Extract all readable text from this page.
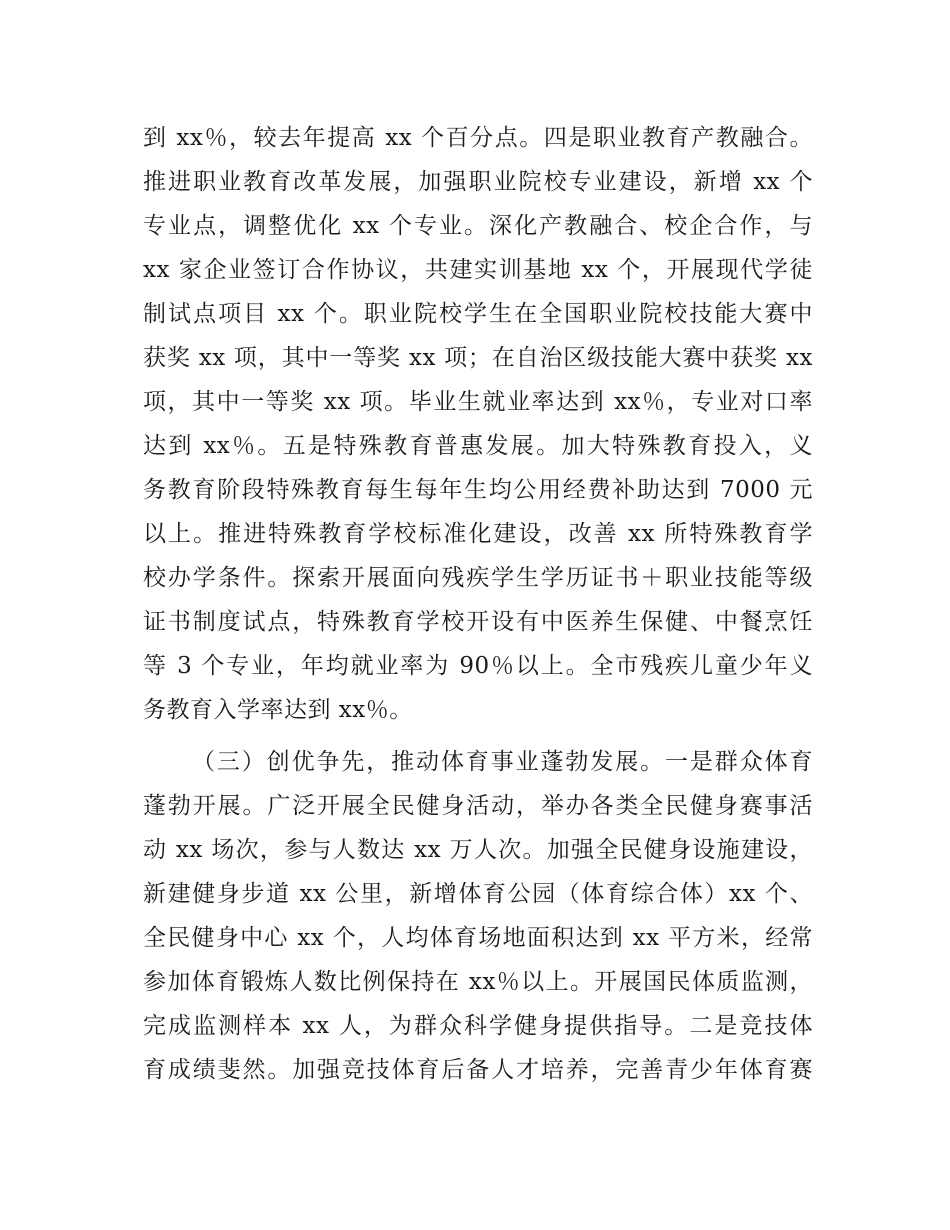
到 xx％，较去年提高 xx 个百分点。四是职业教育产教融合。
推进职业教育改革发展，加强职业院校专业建设，新增 xx 个
专业点，调整优化 xx 个专业。深化产教融合、校企合作，与
xx 家企业签订合作协议，共建实训基地 xx 个，开展现代学徒
制试点项目 xx 个。职业院校学生在全国职业院校技能大赛中
获奖 xx 项，其中一等奖 xx 项；在自治区级技能大赛中获奖 xx
项，其中一等奖 xx 项。毕业生就业率达到 xx％，专业对口率
达到 xx％。五是特殊教育普惠发展。加大特殊教育投入，义
务教育阶段特殊教育每生每年生均公用经费补助达到 7000 元
以上。推进特殊教育学校标准化建设，改善 xx 所特殊教育学
校办学条件。探索开展面向残疾学生学历证书＋职业技能等级
证书制度试点，特殊教育学校开设有中医养生保健、中餐烹饪
等 3 个专业，年均就业率为 90％以上。全市残疾儿童少年义
务教育入学率达到 xx％。
（三）创优争先，推动体育事业蓬勃发展。一是群众体育
蓬勃开展。广泛开展全民健身活动，举办各类全民健身赛事活
动 xx 场次，参与人数达 xx 万人次。加强全民健身设施建设，
新建健身步道 xx 公里，新增体育公园（体育综合体）xx 个、
全民健身中心 xx 个，人均体育场地面积达到 xx 平方米，经常
参加体育锻炼人数比例保持在 xx％以上。开展国民体质监测，
完成监测样本 xx 人，为群众科学健身提供指导。二是竞技体
育成绩斐然。加强竞技体育后备人才培养，完善青少年体育赛
